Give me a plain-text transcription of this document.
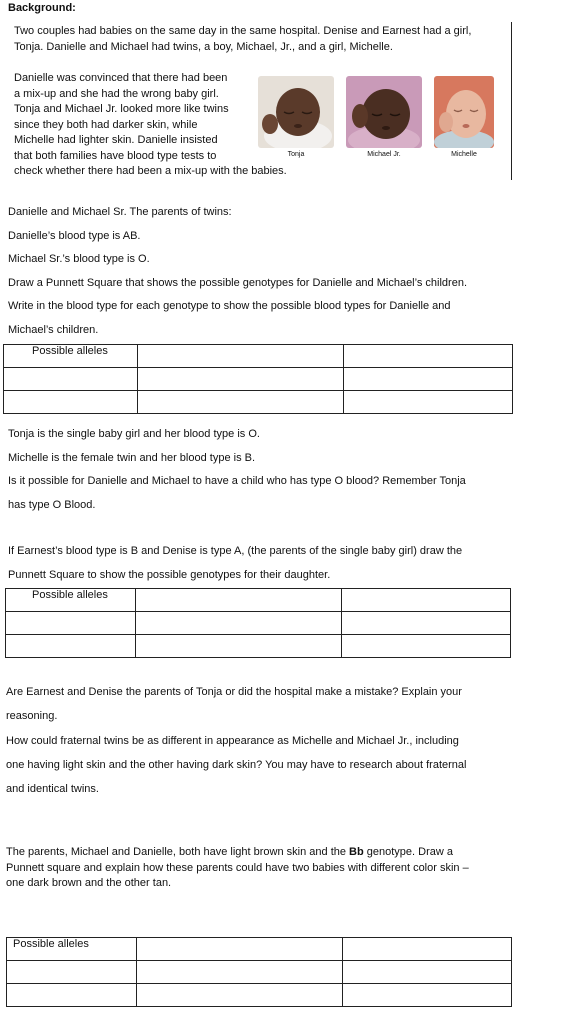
Background:
Two couples had babies on the same day in the same hospital. Denise and Earnest had a girl,
Tonja. Danielle and Michael had twins, a boy, Michael, Jr., and a girl, Michelle.
Danielle was convinced that there had been
a mix-up and she had the wrong baby girl.
Tonja and Michael Jr. looked more like twins
since they both had darker skin, while
Michelle had lighter skin. Danielle insisted
that both families have blood type tests to
check whether there had been a mix-up with the babies.
Tonja	Michael Jr.	Michelle
Danielle and Michael Sr. The parents of twins:
Danielle’s blood type is AB.
Michael Sr.’s blood type is O.
Draw a Punnett Square that shows the possible genotypes for Danielle and Michael’s children.
Write in the blood type for each genotype to show the possible blood types for Danielle and
Michael’s children.
Possible alleles		

Tonja is the single baby girl and her blood type is O.
Michelle is the female twin and her blood type is B.
Is it possible for Danielle and Michael to have a child who has type O blood? Remember Tonja
has type O Blood.
If Earnest’s blood type is B and Denise is type A, (the parents of the single baby girl) draw the
Punnett Square to show the possible genotypes for their daughter.
Possible alleles		

Are Earnest and Denise the parents of Tonja or did the hospital make a mistake? Explain your
reasoning.
How could fraternal twins be as different in appearance as Michelle and Michael Jr., including
one having light skin and the other having dark skin? You may have to research about fraternal
and identical twins.
The parents, Michael and Danielle, both have light brown skin and the Bb genotype. Draw a
Punnett square and explain how these parents could have two babies with different color skin –
one dark brown and the other tan.
Possible alleles		
